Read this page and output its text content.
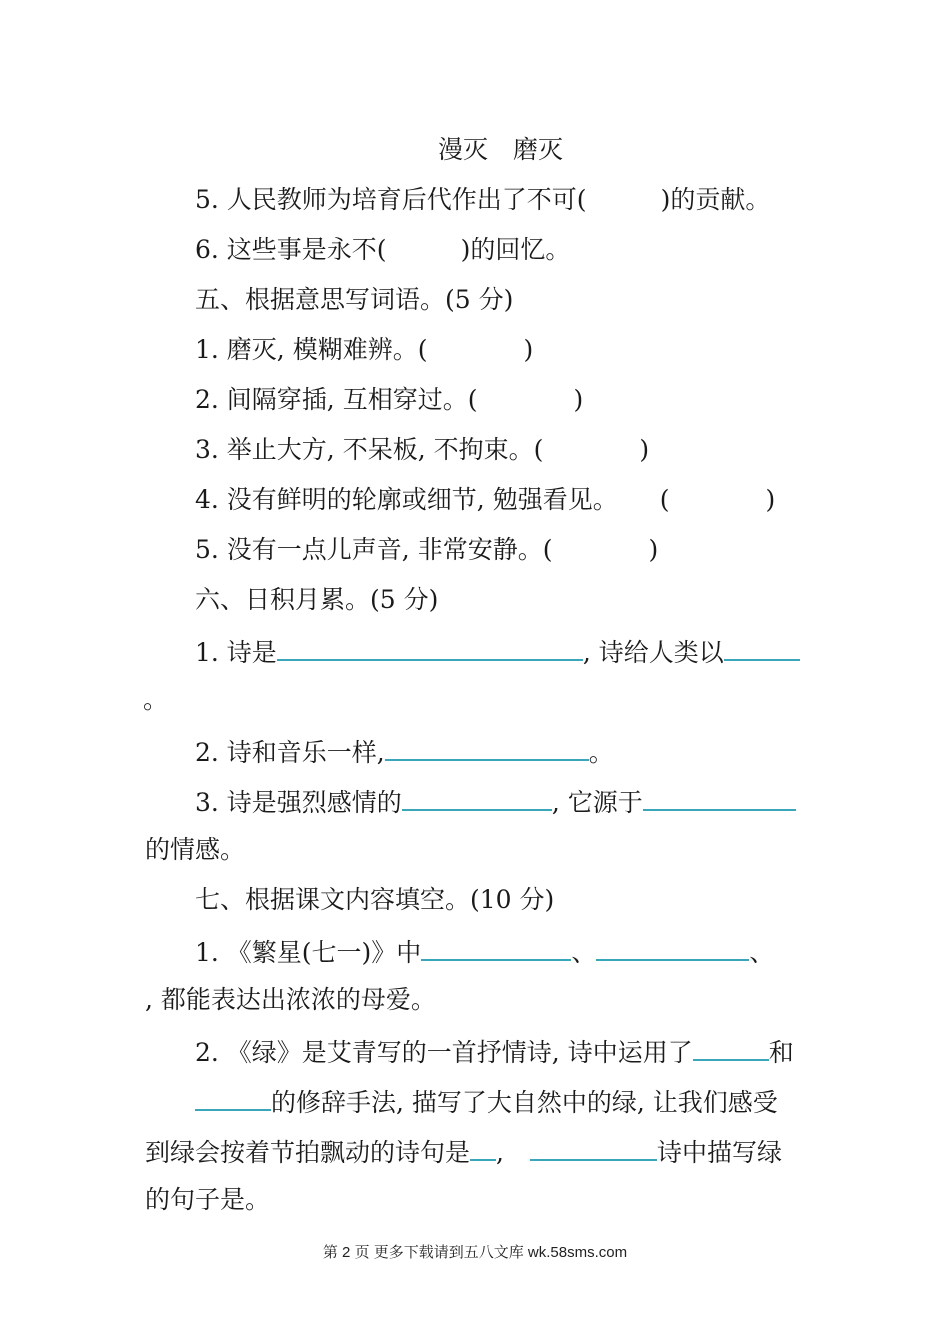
漫灭　磨灭
5. 人民教师为培育后代作出了不可(	)的贡献。
6. 这些事是永不(	)的回忆。
五、根据意思写词语。(5 分)
1. 磨灭, 模糊难辨。(	)
2. 间隔穿插, 互相穿过。(	)
3. 举止大方, 不呆板, 不拘束。(	)
4. 没有鲜明的轮廓或细节, 勉强看见。 (	)
5. 没有一点儿声音, 非常安静。(	)
六、日积月累。(5 分)
1. 诗是	, 诗给人类以
。
2. 诗和音乐一样,	。
3. 诗是强烈感情的	, 它源于
的情感。
七、根据课文内容填空。(10 分)
1. 《繁星(七一)》中	、	、
, 都能表达出浓浓的母爱。
2. 《绿》是艾青写的一首抒情诗, 诗中运用了	和
的修辞手法, 描写了大自然中的绿, 让我们感受
到绿会按着节拍飘动的诗句是 ,	诗中描写绿
的句子是。
第 2 页 更多下载请到五八文库 wk.58sms.com
